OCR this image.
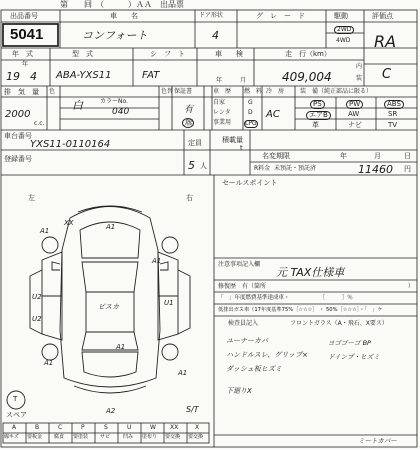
第　　回　（　　　）ＡＡ　出品票
出品番号
5041
車　　名
コンフォート
ドア形状
4
グ　レ　ー　ド	駆動
2WD
4WD
評価点
RA
年　式	型　式	シ　フ　ト	車　　検	走　行（km）
年
19 4 ABA-YXS11	FAT	年	月	409,004
内
装 C
排　気　量 色
カラーNo.
040
白
色替 保証書
有
無
車　歴
自家
レンタ
事業用
燃　料
G
D
LPG
冷　房
AC
装　備（純正部品に限る）
PS	PW	ABS
エアB	AW	SR
革	ナビ	TV
2000
c.c.
車台番号
YXS11-0110164
登録番号
定員
5 人
積載量
t
名変期限	年	月	日
R料金 未預託・預託済	11460 円
左	右
A1
XX
A1
A1
U2
ピスカ
U2
U1
A1
A1
A1
A2	S/T
T
スペア
A	B	C	P	S	U	W XX	X
線キズ 要板金 腐食 要塗装 サビ	凹み 塗布り 要交換 要交換
セールスポイント
注意事項記入欄
元 TAX仕様車
修復歴　有（箇所	）
「　」年度燃費基準達成車・　　　　　　［　　　］％
低排出ガス車（17年度基準75%［☆☆☆］ ・ 50%［☆☆☆］・「　」ケ
検査員記入	フロントガラス（A・飛石、X要ス）
ユーナーカバ
ハンドルスレ、グリップ×
ダッシュ板ヒズミ
下廻りX
ヨゴゴーゴ BP
ドインプ・ヒズミ
ミートカバー
